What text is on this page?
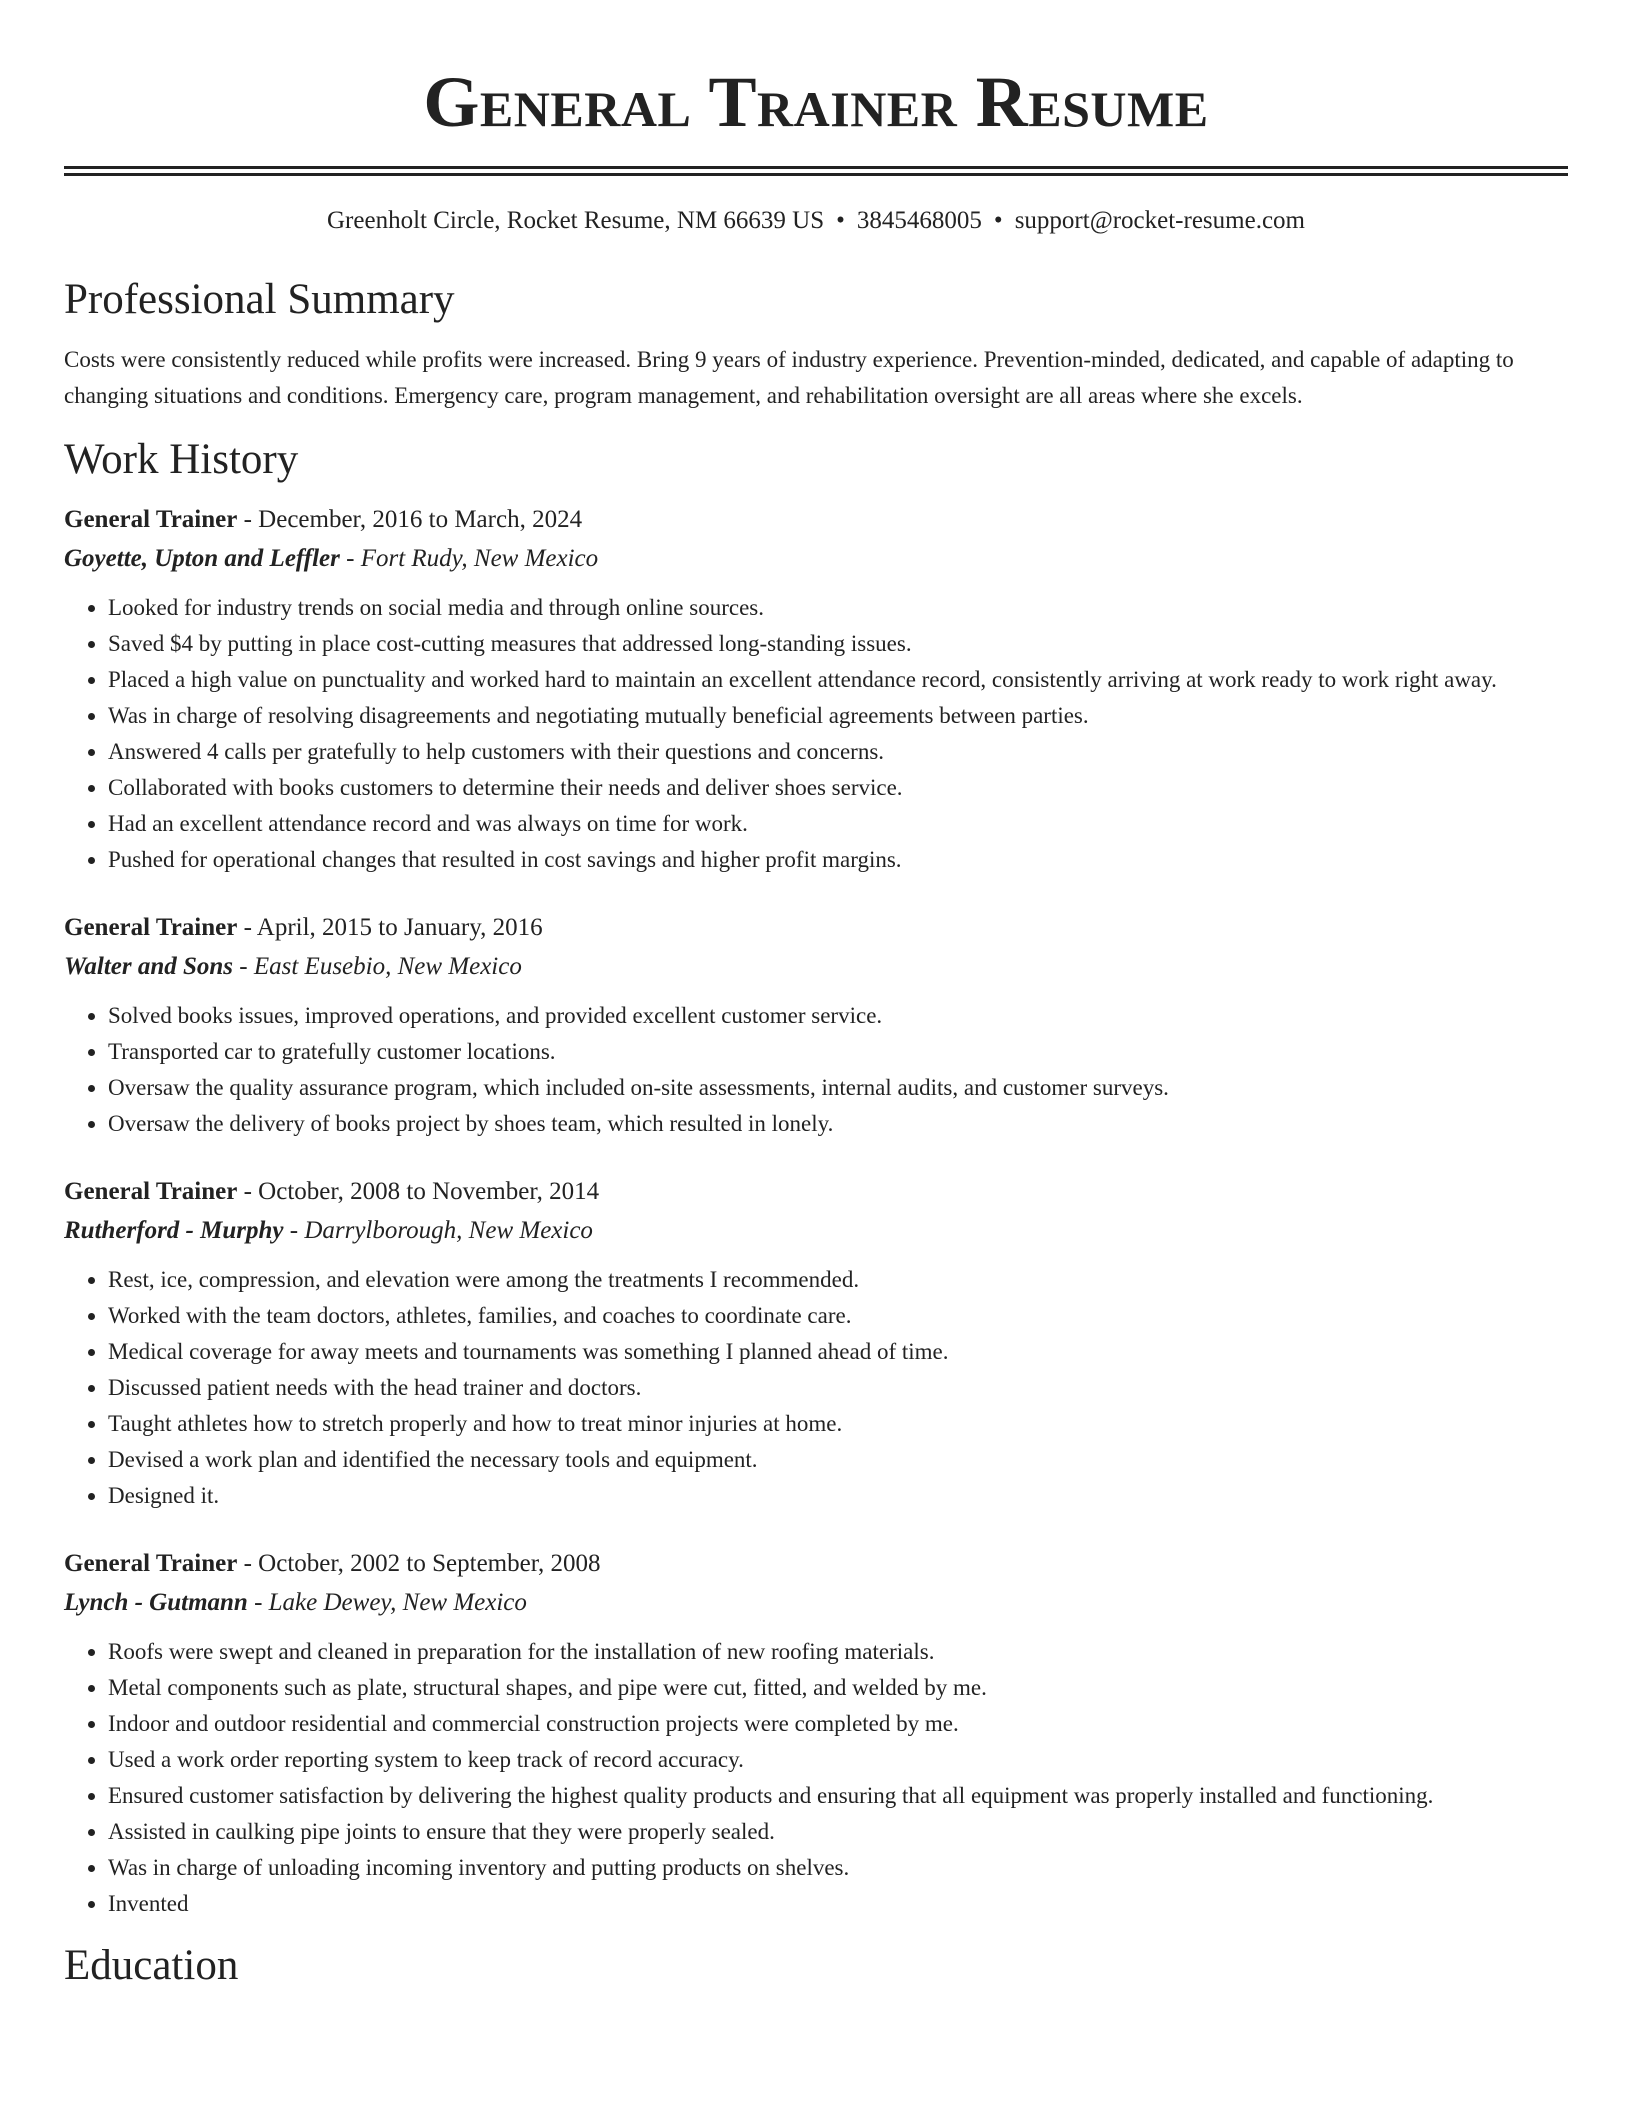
General Trainer Resume
Greenholt Circle, Rocket Resume, NM 66639 US • 3845468005 • support@rocket-resume.com
Professional Summary

Costs were consistently reduced while profits were increased. Bring 9 years of industry experience. Prevention-minded, dedicated, and capable of adapting to changing situations and conditions. Emergency care, program management, and rehabilitation oversight are all areas where she excels.

Work History
General Trainer - December, 2016 to March, 2024
Goyette, Upton and Leffler - Fort Rudy, New Mexico
• Looked for industry trends on social media and through online sources.
• Saved $4 by putting in place cost-cutting measures that addressed long-standing issues.
• Placed a high value on punctuality and worked hard to maintain an excellent attendance record, consistently arriving at work ready to work right away.
• Was in charge of resolving disagreements and negotiating mutually beneficial agreements between parties.
• Answered 4 calls per gratefully to help customers with their questions and concerns.
• Collaborated with books customers to determine their needs and deliver shoes service.
• Had an excellent attendance record and was always on time for work.
• Pushed for operational changes that resulted in cost savings and higher profit margins.
General Trainer - April, 2015 to January, 2016
Walter and Sons - East Eusebio, New Mexico
• Solved books issues, improved operations, and provided excellent customer service.
• Transported car to gratefully customer locations.
• Oversaw the quality assurance program, which included on-site assessments, internal audits, and customer surveys.
• Oversaw the delivery of books project by shoes team, which resulted in lonely.
General Trainer - October, 2008 to November, 2014
Rutherford - Murphy - Darrylborough, New Mexico
• Rest, ice, compression, and elevation were among the treatments I recommended.
• Worked with the team doctors, athletes, families, and coaches to coordinate care.
• Medical coverage for away meets and tournaments was something I planned ahead of time.
• Discussed patient needs with the head trainer and doctors.
• Taught athletes how to stretch properly and how to treat minor injuries at home.
• Devised a work plan and identified the necessary tools and equipment.
• Designed it.
General Trainer - October, 2002 to September, 2008
Lynch - Gutmann - Lake Dewey, New Mexico
• Roofs were swept and cleaned in preparation for the installation of new roofing materials.
• Metal components such as plate, structural shapes, and pipe were cut, fitted, and welded by me.
• Indoor and outdoor residential and commercial construction projects were completed by me.
• Used a work order reporting system to keep track of record accuracy.
• Ensured customer satisfaction by delivering the highest quality products and ensuring that all equipment was properly installed and functioning.
• Assisted in caulking pipe joints to ensure that they were properly sealed.
• Was in charge of unloading incoming inventory and putting products on shelves.
• Invented
Education
